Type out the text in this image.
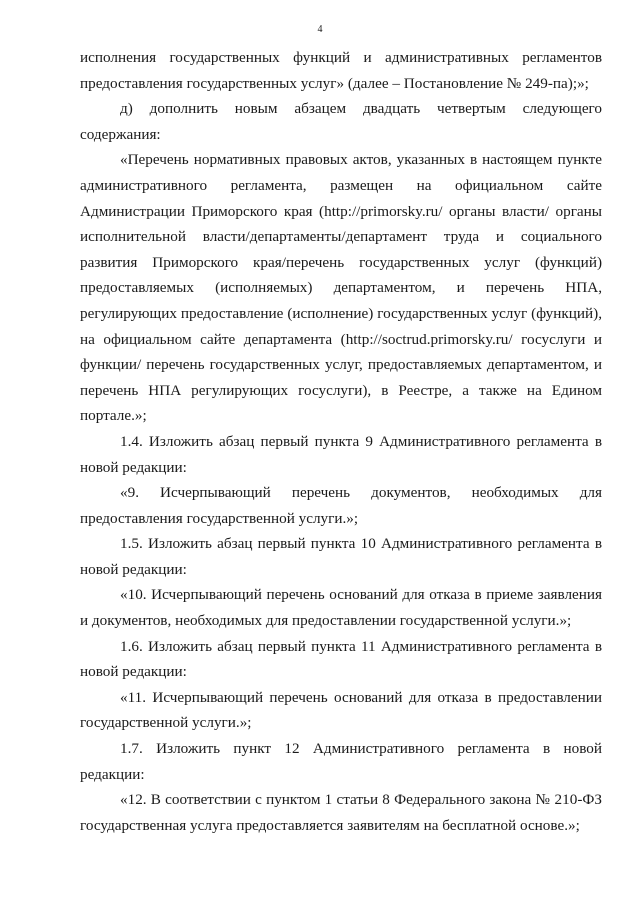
4

исполнения государственных функций и административных регламентов предоставления государственных услуг» (далее – Постановление № 249-па);»;

д) дополнить новым абзацем двадцать четвертым следующего содержания:

«Перечень нормативных правовых актов, указанных в настоящем пункте административного регламента, размещен на официальном сайте Администрации Приморского края (http://primorsky.ru/ органы власти/ органы исполнительной власти/департаменты/департамент труда и социального развития Приморского края/перечень государственных услуг (функций) предоставляемых (исполняемых) департаментом, и перечень НПА, регулирующих предоставление (исполнение) государственных услуг (функций), на официальном сайте департамента (http://soctrud.primorsky.ru/ госуслуги и функции/ перечень государственных услуг, предоставляемых департаментом, и перечень НПА регулирующих госуслуги), в Реестре, а также на Едином портале.»;

1.4. Изложить абзац первый пункта 9 Административного регламента в новой редакции:

«9. Исчерпывающий перечень документов, необходимых для предоставления государственной услуги.»;

1.5. Изложить абзац первый пункта 10 Административного регламента в новой редакции:

«10. Исчерпывающий перечень оснований для отказа в приеме заявления и документов, необходимых для предоставлении государственной услуги.»;

1.6. Изложить абзац первый пункта 11 Административного регламента в новой редакции:

«11. Исчерпывающий перечень оснований для отказа в предоставлении государственной услуги.»;

1.7. Изложить пункт 12 Административного регламента в новой редакции:

«12. В соответствии с пунктом 1 статьи 8 Федерального закона № 210-ФЗ государственная услуга предоставляется заявителям на бесплатной основе.»;
